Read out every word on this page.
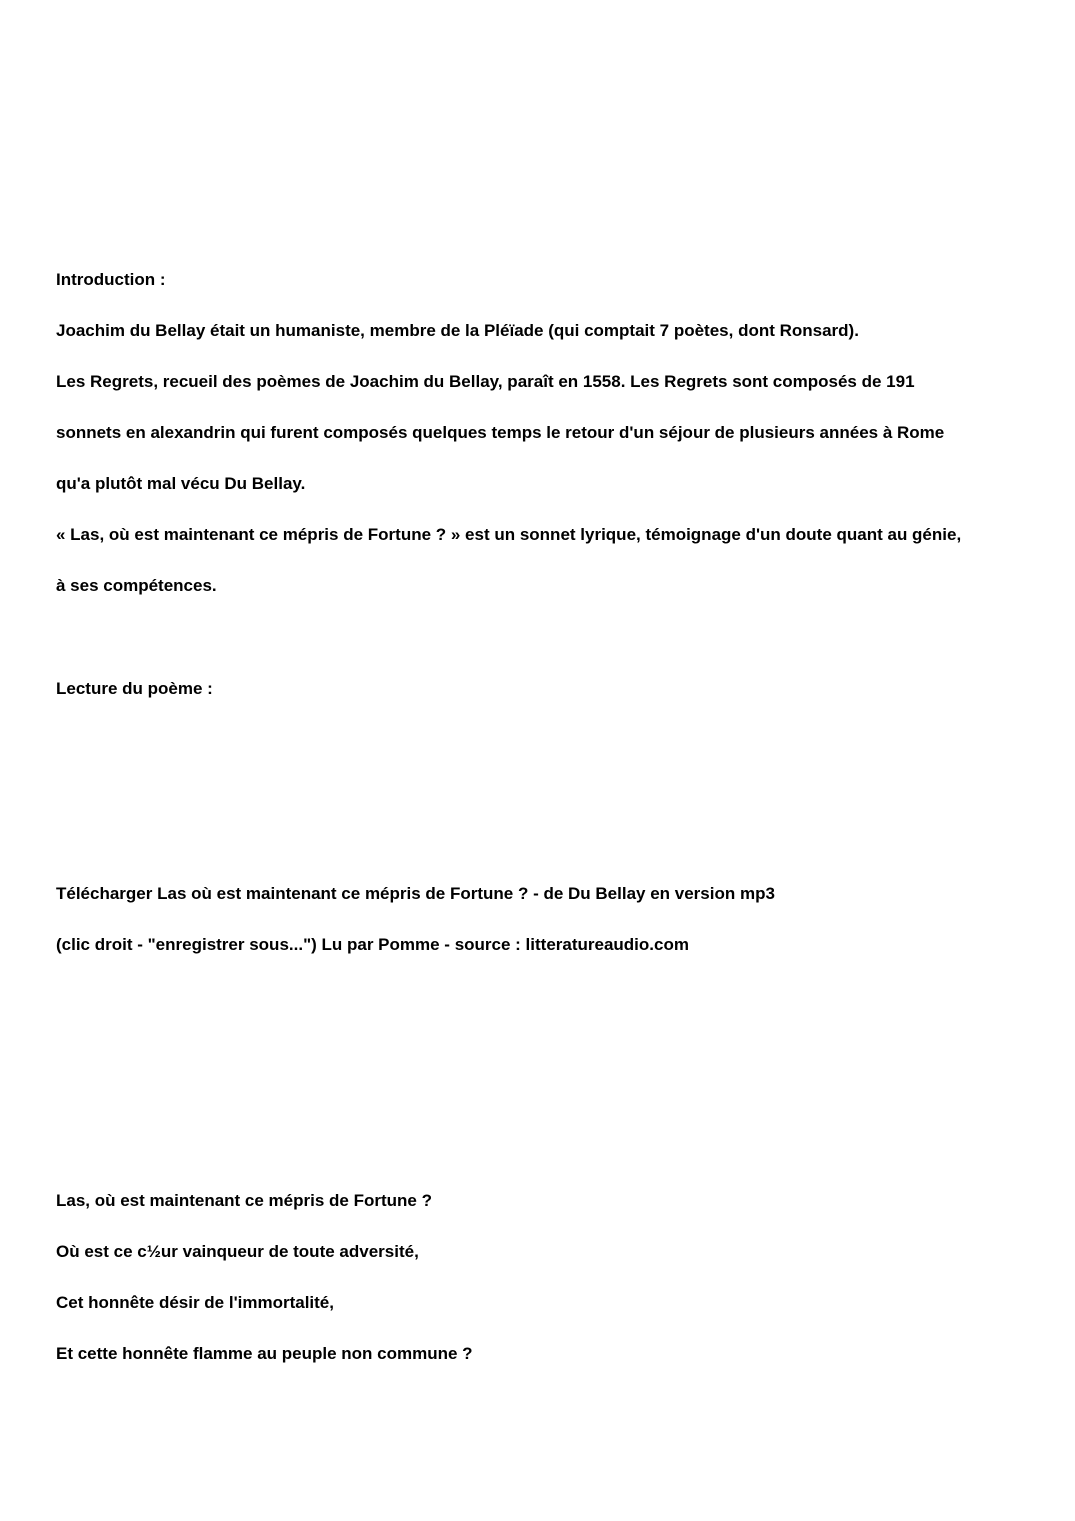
Introduction :
Joachim du Bellay était un humaniste, membre de la Pléïade (qui comptait 7 poètes, dont Ronsard).
Les Regrets, recueil des poèmes de Joachim du Bellay, paraît en 1558. Les Regrets sont composés de 191
sonnets en alexandrin qui furent composés quelques temps le retour d'un séjour de plusieurs années à Rome
qu'a plutôt mal vécu Du Bellay.
« Las, où est maintenant ce mépris de Fortune ? » est un sonnet lyrique, témoignage d'un doute quant au génie,
à ses compétences.
Lecture du poème :
Télécharger Las où est maintenant ce mépris de Fortune ? - de Du Bellay en version mp3
(clic droit - "enregistrer sous...") Lu par Pomme - source : litteratureaudio.com
Las, où est maintenant ce mépris de Fortune ?
Où est ce c½ur vainqueur de toute adversité,
Cet honnête désir de l'immortalité,
Et cette honnête flamme au peuple non commune ?
